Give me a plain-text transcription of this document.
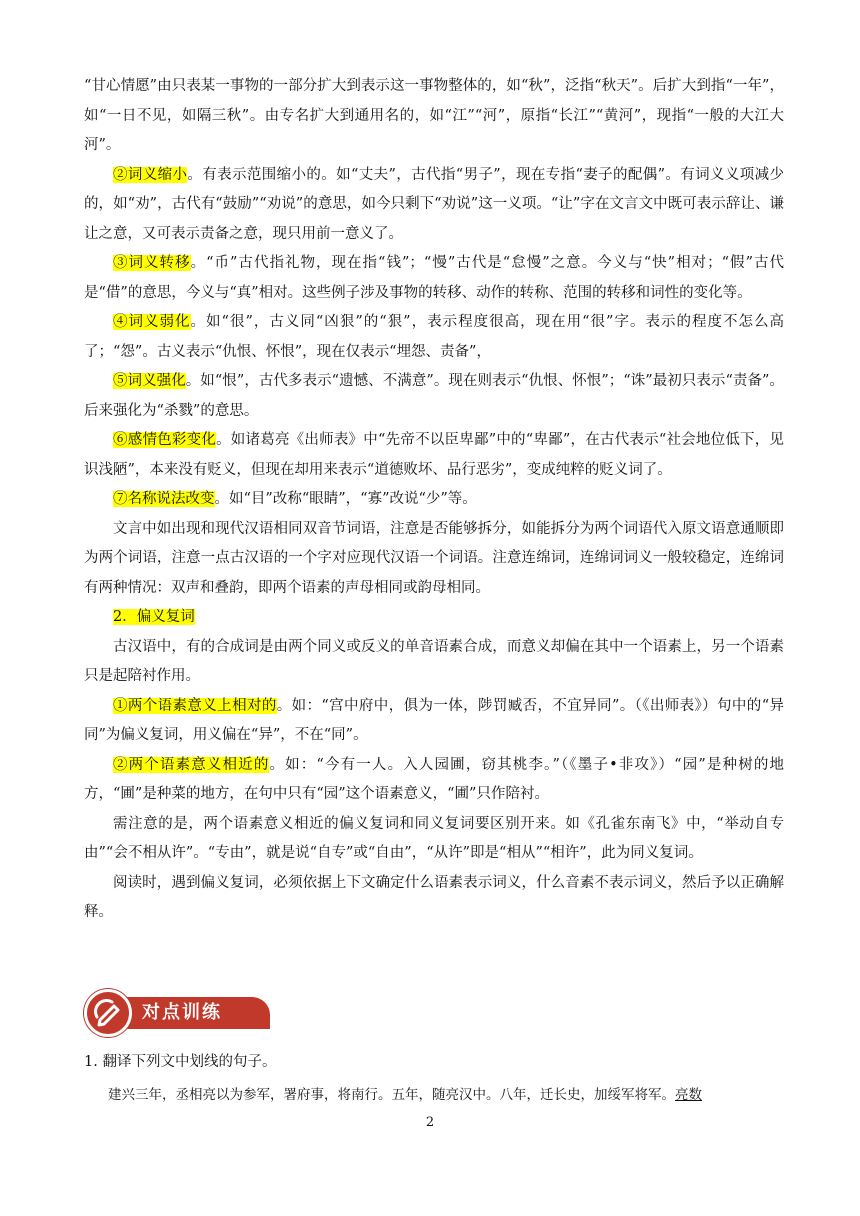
“甘心情愿”由只表某一事物的一部分扩大到表示这一事物整体的，如“秋”，泛指“秋天”。后扩大到指“一年”，如“一日不见，如隔三秋”。由专名扩大到通用名的，如“江”“河”，原指“长江”“黄河”，现指“一般的大江大河”。

②词义缩小。有表示范围缩小的。如“丈夫”，古代指“男子”，现在专指“妻子的配偶”。有词义义项减少的，如“劝”，古代有“鼓励”“劝说”的意思，如今只剩下“劝说”这一义项。“让”字在文言文中既可表示辞让、谦让之意，又可表示责备之意，现只用前一意义了。

③词义转移。“币”古代指礼物，现在指“钱”；“慢”古代是“怠慢”之意。今义与“快”相对；“假”古代是“借”的意思，今义与“真”相对。这些例子涉及事物的转移、动作的转称、范围的转移和词性的变化等。

④词义弱化。如“很”，古义同“凶狠”的“狠”，表示程度很高，现在用“很”字。表示的程度不怎么高了；“怨”。古义表示“仇恨、怀恨”，现在仅表示“埋怨、责备”，

⑤词义强化。如“恨”，古代多表示“遗憾、不满意”。现在则表示“仇恨、怀恨”；“诛”最初只表示“责备”。后来强化为“杀戮”的意思。

⑥感情色彩变化。如诸葛亮《出师表》中“先帝不以臣卑鄙”中的“卑鄙”，在古代表示“社会地位低下，见识浅陋”，本来没有贬义，但现在却用来表示“道德败坏、品行恶劣”，变成纯粹的贬义词了。

⑦名称说法改变。如“目”改称“眼睛”，“寡”改说“少”等。

文言中如出现和现代汉语相同双音节词语，注意是否能够拆分，如能拆分为两个词语代入原文语意通顺即为两个词语，注意一点古汉语的一个字对应现代汉语一个词语。注意连绵词，连绵词词义一般较稳定，连绵词有两种情况：双声和叠韵，即两个语素的声母相同或韵母相同。

2．偏义复词

古汉语中，有的合成词是由两个同义或反义的单音语素合成，而意义却偏在其中一个语素上，另一个语素只是起陪衬作用。

①两个语素意义上相对的。如：“宫中府中，俱为一体，陟罚臧否，不宜异同”。（《出师表》）句中的“异同”为偏义复词，用义偏在“异”，不在“同”。

②两个语素意义相近的。如：“今有一人。入人园圃，窃其桃李。”（《墨子•非攻》）“园”是种树的地方，“圃”是种菜的地方，在句中只有“园”这个语素意义，“圃”只作陪衬。

需注意的是，两个语素意义相近的偏义复词和同义复词要区别开来。如《孔雀东南飞》中，“举动自专由”“会不相从许”。“专由”，就是说“自专”或“自由”，“从许”即是“相从”“相许”，此为同义复词。

阅读时，遇到偏义复词，必须依据上下文确定什么语素表示词义，什么音素不表示词义，然后予以正确解释。

对点训练
1. 翻译下列文中划线的句子。
建兴三年，丞相亮以为参军，署府事，将南行。五年，随亮汉中。八年，迁长史，加绥军将军。亮数
2
